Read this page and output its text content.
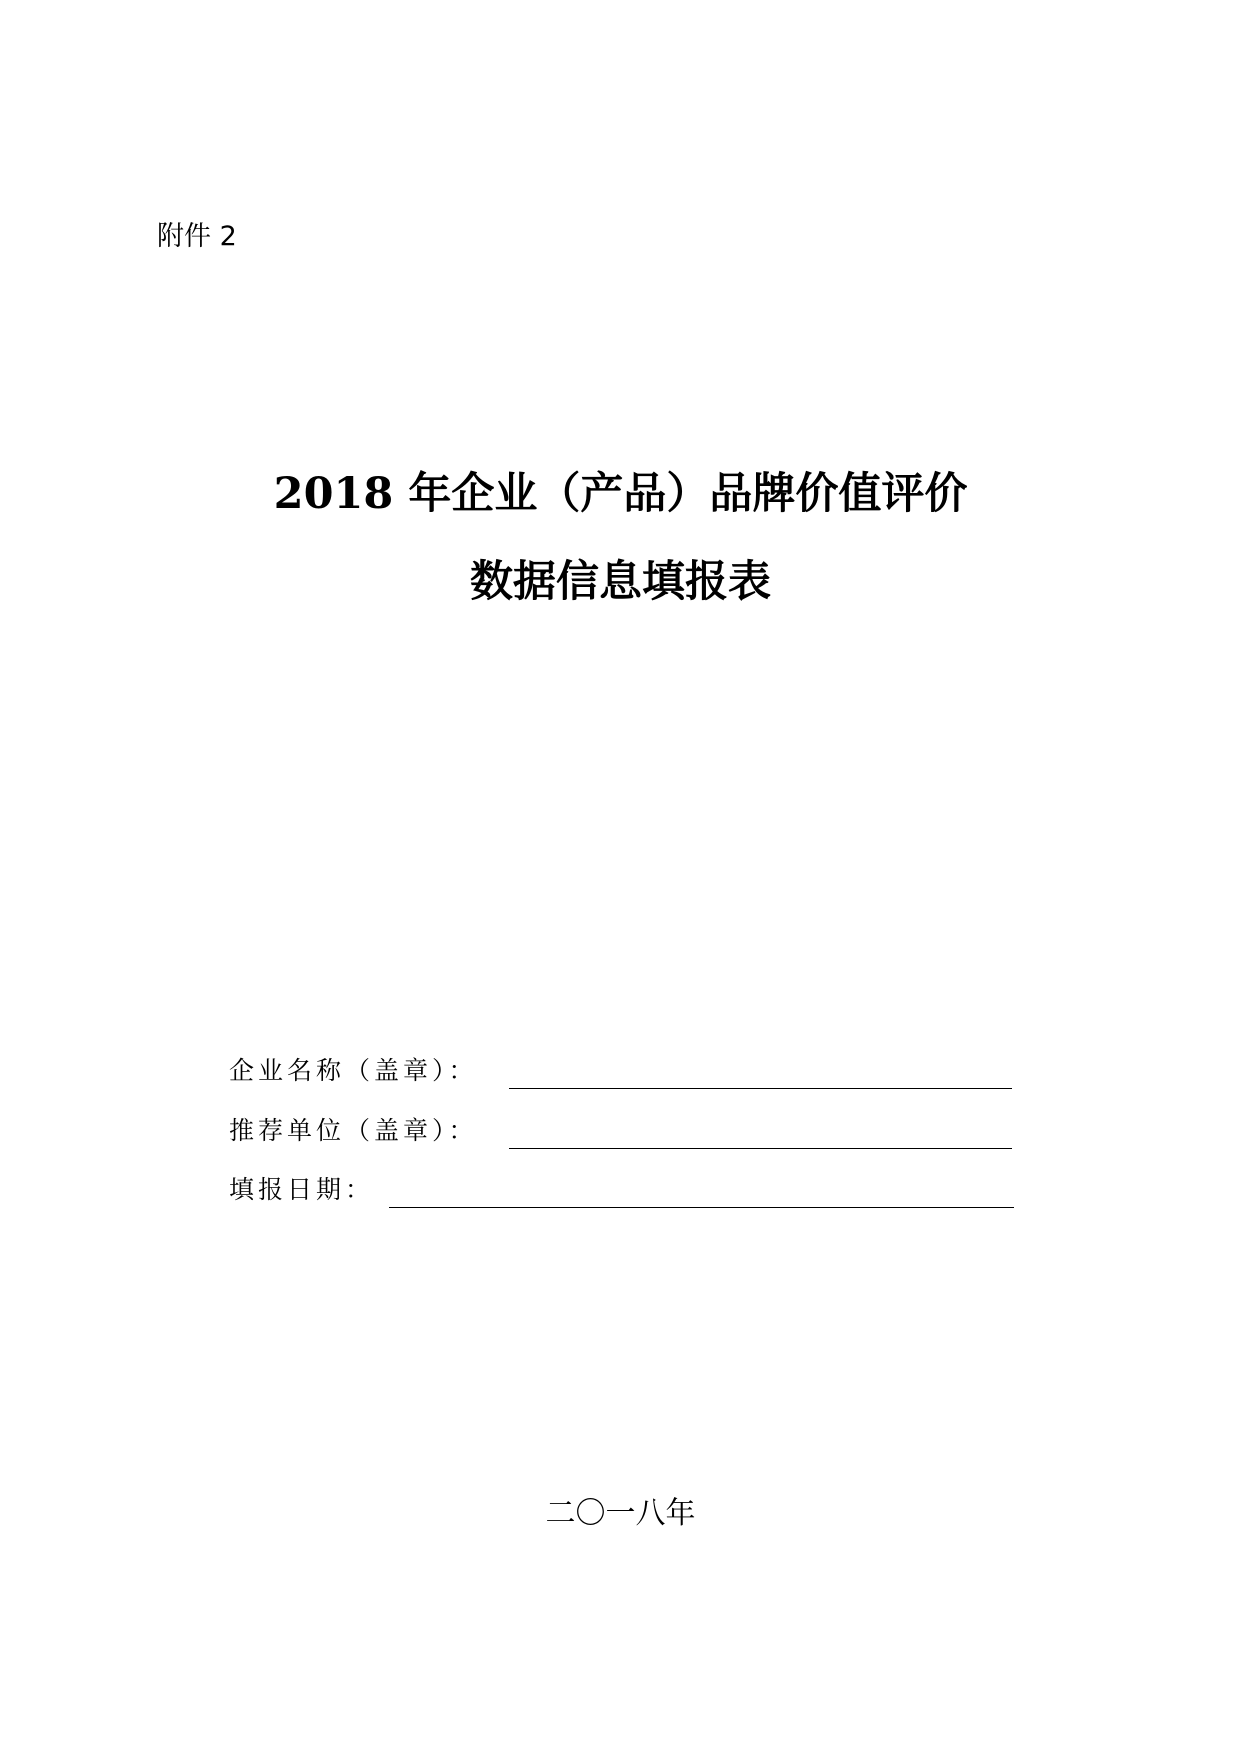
附件 2
2018 年企业（产品）品牌价值评价
数据信息填报表
企业名称（盖章）：
推荐单位（盖章）：
填报日期：
二〇一八年
